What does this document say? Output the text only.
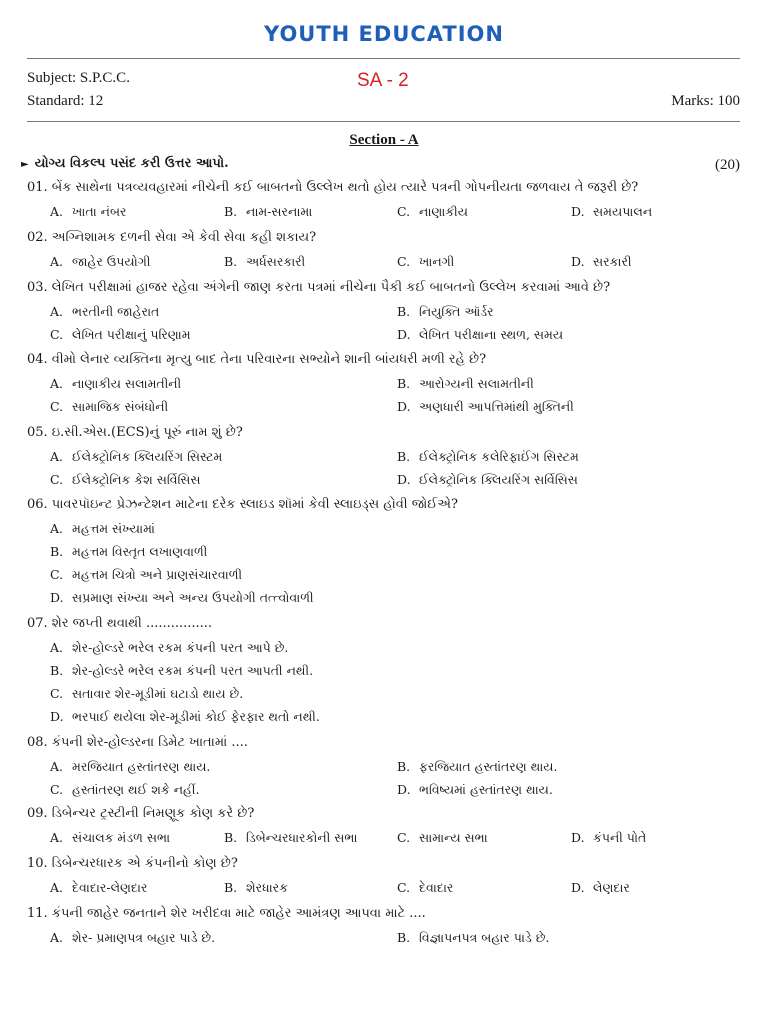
YOUTH EDUCATION
Subject: S.P.C.C.	SA - 2
Standard: 12	Marks: 100
Section - A
► યોગ્ય વિકલ્પ પસંદ કરી ઉત્તર આપો.	(20)
01. બેંક સાથેના પત્રવ્યવહારમાં નીચેની કઈ બાબતનો ઉલ્લેખ થતો હોય ત્યારે પત્રની ગોપનીયતા જળવાય તે જરૂરી છે?
A. ખાતા નંબર	B. નામ-સરનામા	C. નાણાકીય	D. સમયપાલન
02. અગ્નિશામક દળની સેવા એ કેવી સેવા કહી શકાય?
A. જાહેર ઉપયોગી	B. અર્ધસરકારી	C. ખાનગી	D. સરકારી
03. લેખિત પરીક્ષામાં હાજર રહેવા અંગેની જાણ કરતા પત્રમાં નીચેના પૈકી કઈ બાબતનો ઉલ્લેખ કરવામાં આવે છે?
A. ભરતીની જાહેરાત	B. નિયુક્તિ ઑર્ડર
C. લેખિત પરીક્ષાનું પરિણામ	D. લેખિત પરીક્ષાના સ્થળ, સમય
04. વીમો લેનાર વ્યક્તિના મૃત્યુ બાદ તેના પરિવારના સભ્યોને શાની બાંયધરી મળી રહે છે?
A. નાણાકીય સલામતીની	B. આરોગ્યની સલામતીની
C. સામાજિક સંબંધોની	D. અણધારી આપત્તિમાંથી મુક્તિની
05. ઇ.સી.એસ.(ECS)નું પૂરું નામ શું છે?
A. ઈલેક્ટ્રોનિક ક્લિયરિંગ સિસ્ટમ	B. ઈલેક્ટ્રોનિક કલેરિફાઈંગ સિસ્ટમ
C. ઈલેક્ટ્રોનિક કેશ સર્વિસિસ	D. ઈલેક્ટ્રોનિક ક્લિયરિંગ સર્વિસિસ
06. પાવરપૉઇન્ટ પ્રેઝન્ટેશન માટેના દરેક સ્લાઇડ શૉમાં કેવી સ્લાઇડ્સ હોવી જોઈએ?
A. મહત્તમ સંખ્યામાં
B. મહત્તમ વિસ્તૃત લખાણવાળી
C. મહત્તમ ચિત્રો અને પ્રાણસંચારવાળી
D. સપ્રમાણ સંખ્યા અને અન્ય ઉપયોગી તત્ત્વોવાળી
07. શેર જપ્તી થવાથી ................
A. શેર-હોલ્ડરે ભરેલ રકમ કંપની પરત આપે છે.
B. શેર-હોલ્ડરે ભરેલ રકમ કંપની પરત આપતી નથી.
C. સતાવાર શેર-મૂડીમાં ઘટાડો થાય છે.
D. ભરપાઈ થયેલા શેર-મૂડીમાં કોઈ ફેરફાર થતો નથી.
08. કંપની શેર-હોલ્ડરના ડિમેટ ખાતામાં ....
A. મરજિયાત હસ્તાંતરણ થાય.	B. ફરજિયાત હસ્તાંતરણ થાય.
C. હસ્તાંતરણ થઈ શકે નહીં.	D. ભવિષ્યમાં હસ્તાંતરણ થાય.
09. ડિબેન્ચર ટ્રસ્ટીની નિમણૂક કોણ કરે છે?
A. સંચાલક મંડળ સભા	B. ડિબેન્ચરધારકોની સભા	C. સામાન્ય સભા	D. કંપની પોતે
10. ડિબેન્ચરધારક એ કંપનીનો કોણ છે?
A. દેવાદાર-લેણદાર	B. શેરધારક	C. દેવાદાર	D. લેણદાર
11. કંપની જાહેર જનતાને શેર ખરીદવા માટે જાહેર આમંત્રણ આપવા માટે ....
A. શેર- પ્રમાણપત્ર બહાર પાડે છે.	B. વિજ્ઞાપનપત્ર બહાર પાડે છે.
